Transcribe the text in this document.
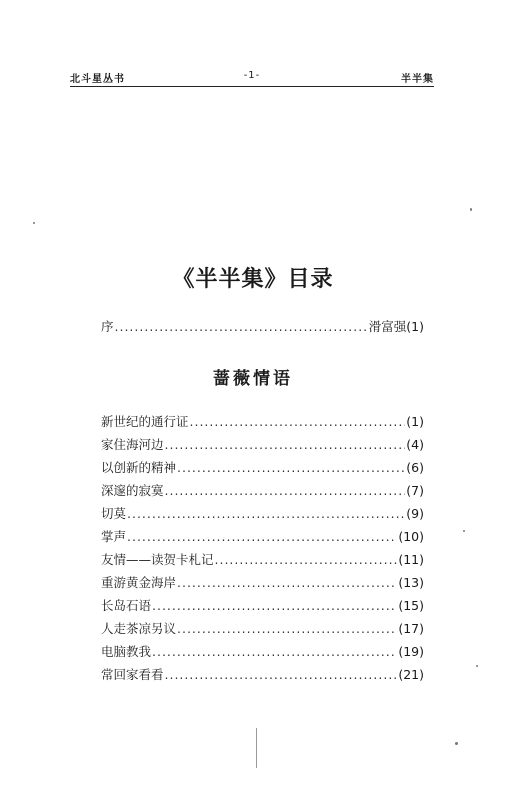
北斗星丛书	-1-	半半集
《半半集》目录
序 .....	滑富强 (1)
蔷薇情语
新世纪的通行证 .....	(1)
家住海河边 .....	(4)
以创新的精神 .....	(6)
深邃的寂寞 .....	(7)
切莫 .....	(9)
掌声 .....	(10)
友情——读贺卡札记 .....	(11)
重游黄金海岸 .....	(13)
长岛石语 .....	(15)
人走茶凉另议 .....	(17)
电脑教我 .....	(19)
常回家看看 .....	(21)
